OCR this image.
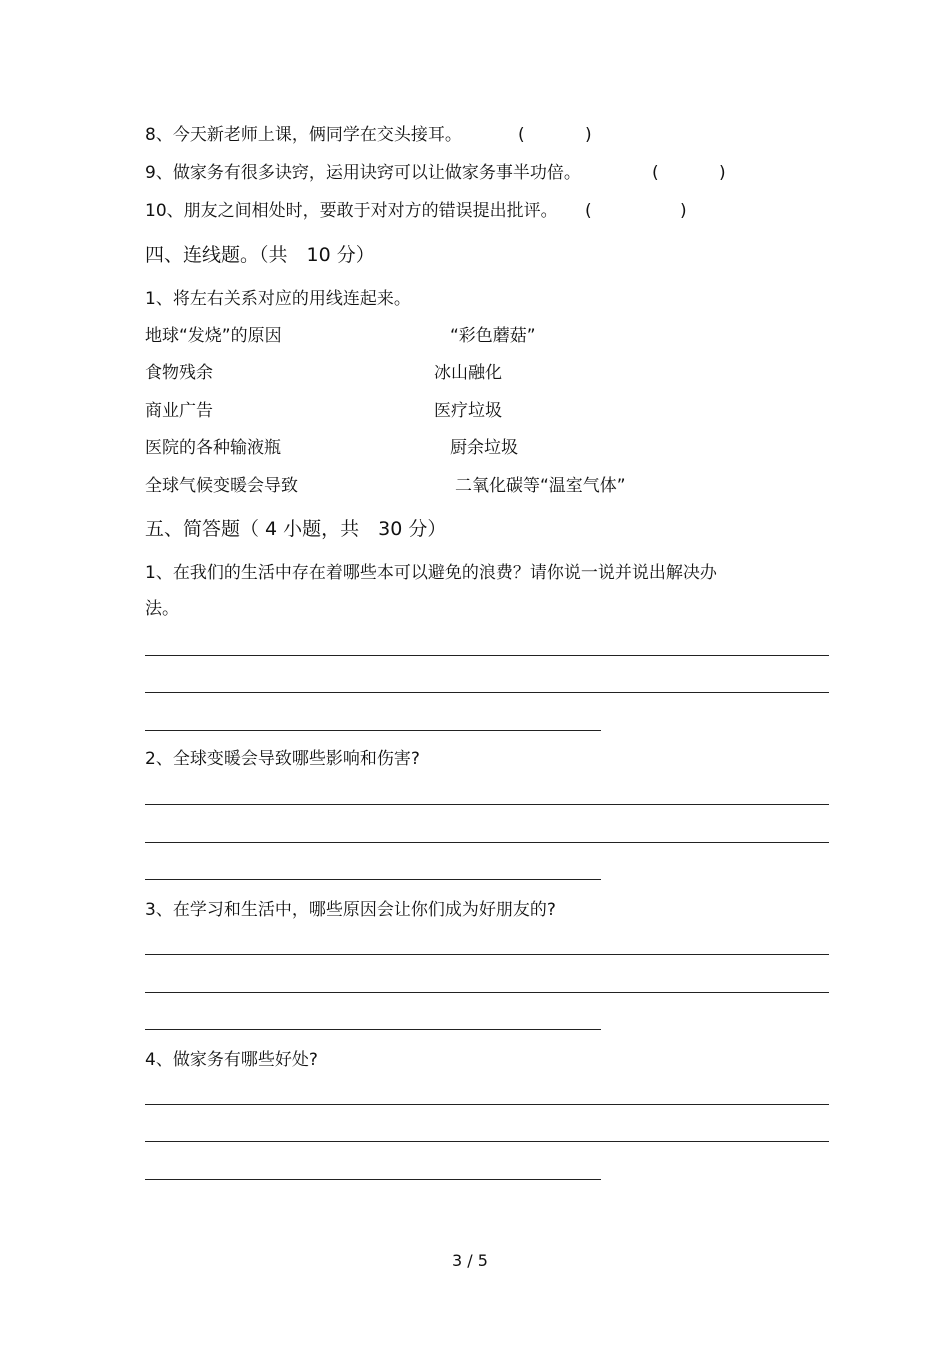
8、今天新老师上课，俩同学在交头接耳。	(	)
9、做家务有很多诀窍，运用诀窍可以让做家务事半功倍。	(	)
10、朋友之间相处时，要敢于对对方的错误提出批评。 (	)
四、连线题。（共　10 分）
1、将左右关系对应的用线连起来。
地球“发烧”的原因	“彩色蘑菇”
食物残余	冰山融化
商业广告	医疗垃圾
医院的各种输液瓶	厨余垃圾
全球气候变暖会导致	二氧化碳等“温室气体”
五、简答题（ 4 小题，共　30 分）
1、在我们的生活中存在着哪些本可以避免的浪费？请你说一说并说出解决办
法。
2、全球变暖会导致哪些影响和伤害?
3、在学习和生活中，哪些原因会让你们成为好朋友的?
4、做家务有哪些好处?
3 / 5
